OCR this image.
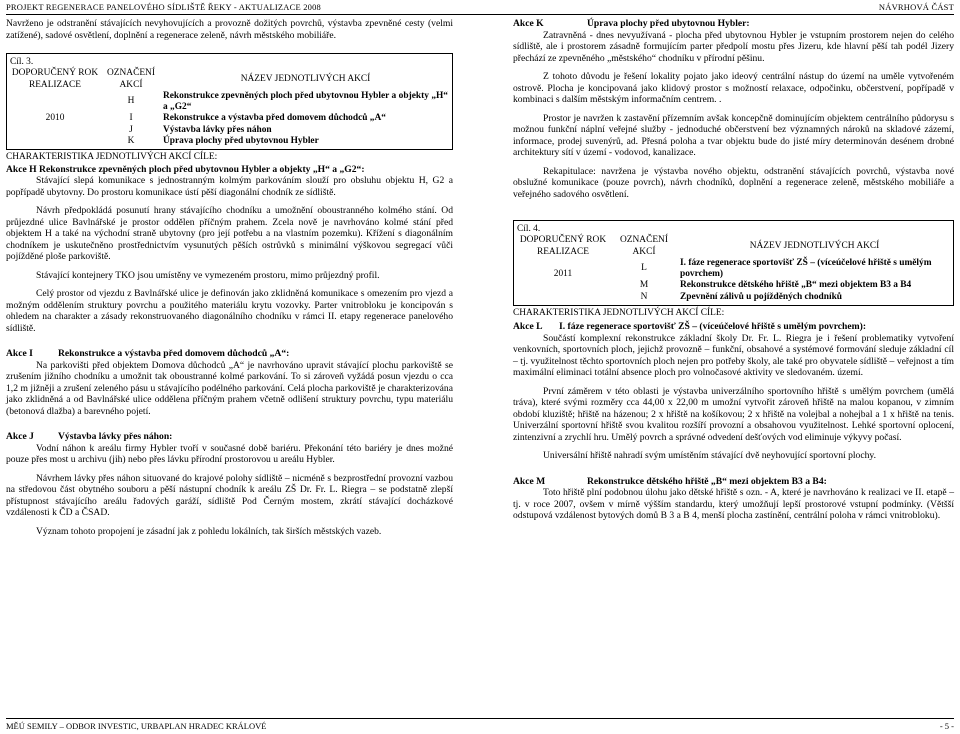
PROJEKT REGENERACE PANELOVÉHO SÍDLIŠTĚ ŘEKY - AKTUALIZACE 2008	NÁVRHOVÁ ČÁST

Navrženo je odstranění stávajících nevyhovujících a provozně dožitých povrchů, výstavba zpevněné cesty (velmi zatížené), sadové osvětlení, doplnění a regenerace zeleně, návrh městského mobiliáře.

Cíl. 3.
DOPORUČENÝ ROK REALIZACE	OZNAČENÍ AKCÍ	NÁZEV JEDNOTLIVÝCH AKCÍ
	H	Rekonstrukce zpevněných ploch před ubytovnou Hybler a objekty „H“ a „G2“
2010	I	Rekonstrukce a výstavba před domovem důchodců „A“
	J	Výstavba lávky přes náhon
	K	Úprava plochy před ubytovnou Hybler
CHARAKTERISTIKA JEDNOTLIVÝCH AKCÍ CÍLE:
Akce H Rekonstrukce zpevněných ploch před ubytovnou Hybler a objekty „H“ a „G2“:

Stávající slepá komunikace s jednostranným kolmým parkováním slouží pro obsluhu objektu H, G2 a popřípadě ubytovny. Do prostoru komunikace ústí pěší diagonální chodník ze sídliště.

Návrh předpokládá posunutí hrany stávajícího chodníku a umožnění oboustranného kolmého stání. Od průjezdné ulice Bavlnářské je prostor oddělen příčným prahem. Zcela nově je navrhováno kolmé stání před objektem H a také na východní straně ubytovny (pro její potřebu a na vlastním pozemku). Křížení s diagonálním chodníkem je uskutečněno prostřednictvím vysunutých pěších ostrůvků s minimální výškovou segregací vůči pojížděné ploše parkoviště.

Stávající kontejnery TKO jsou umístěny ve vymezeném prostoru, mimo průjezdný profil.

Celý prostor od vjezdu z Bavlnářské ulice je definován jako zklidněná komunikace s omezením pro vjezd a možným oddělením struktury povrchu a použitého materiálu krytu vozovky. Parter vnitrobloku je koncipován s ohledem na charakter a zásady rekonstruovaného diagonálního chodníku v rámci II. etapy regenerace panelového sídliště.

Akce I	Rekonstrukce a výstavba před domovem důchodců „A“:

Na parkovišti před objektem Domova důchodců „A“ je navrhováno upravit stávající plochu parkoviště se zrušením jižního chodníku a umožnit tak oboustranné kolmé parkování. To si zároveň vyžádá posun vjezdu o cca 1,2 m jižněji a zrušení zeleného pásu u stávajícího podélného parkování. Celá plocha parkoviště je charakterizována jako zklidněná a od Bavlnářské ulice oddělena příčným prahem včetně odlišení struktury povrchu, typu materiálu (betonová dlažba) a barevného pojetí.

Akce J	Výstavba lávky přes náhon:

Vodní náhon k areálu firmy Hybler tvoří v současné době bariéru. Překonání této bariéry je dnes možné pouze přes most u archivu (jih) nebo přes lávku přírodní prostorovou u areálu Hybler.

Návrhem lávky přes náhon situované do krajové polohy sídliště – nicméně s bezprostřední provozní vazbou na středovou část obytného souboru a pěší nástupní chodník k areálu ZŠ Dr. Fr. L. Riegra – se podstatně zlepší přístupnost stávajícího areálu řadových garáží, sídliště Pod Černým mostem, zkrátí stávající docházkové vzdálenosti k ČD a ČSAD.

Význam tohoto propojení je zásadní jak z pohledu lokálních, tak širších městských vazeb.

Akce K	Úprava plochy před ubytovnou Hybler:

Zatravněná - dnes nevyužívaná - plocha před ubytovnou Hybler je vstupním prostorem nejen do celého sídliště, ale i prostorem zásadně formujícím parter předpolí mostu přes Jizeru, kde hlavní pěší tah podél Jizery přechází ze zpevněného „městského“ chodníku v přírodní pěšinu.

Z tohoto důvodu je řešení lokality pojato jako ideový centrální nástup do území na uměle vytvořeném ostrově. Plocha je koncipovaná jako klidový prostor s možností relaxace, odpočinku, občerstvení, popřípadě v kombinaci s dalším městským informačním centrem. .

Prostor je navržen k zastavění přízemním avšak koncepčně dominujícím objektem centrálního půdorysu s možnou funkční náplní veřejné služby - jednoduché občerstvení bez významných nároků na skladové zázemí, informace, prodej suvenýrů, ad. Přesná poloha a tvar objektu bude do jisté míry determinován desénem drobné architektury sítí v území - vodovod, kanalizace.

Rekapitulace: navržena je výstavba nového objektu, odstranění stávajících povrchů, výstavba nové obslužné komunikace (pouze povrch), návrh chodníků, doplnění a regenerace zeleně, městského mobiliáře a veřejného sadového osvětlení.

Cíl. 4.
DOPORUČENÝ ROK REALIZACE	OZNAČENÍ AKCÍ	NÁZEV JEDNOTLIVÝCH AKCÍ
2011	L	I. fáze regenerace sportovišť ZŠ – (víceúčelové hřiště s umělým povrchem)
	M	Rekonstrukce dětského hřiště „B“ mezi objektem B3 a B4
	N	Zpevnění zálivů u pojížděných chodníků
CHARAKTERISTIKA JEDNOTLIVÝCH AKCÍ CÍLE:
Akce L I. fáze regenerace sportovišť ZŠ – (víceúčelové hřiště s umělým povrchem):

Součástí komplexní rekonstrukce základní školy Dr. Fr. L. Riegra je i řešení problematiky vytvoření venkovních, sportovních ploch, jejichž provozně – funkční, obsahové a systémové formování sleduje základní cíl – tj. využitelnost těchto sportovních ploch nejen pro potřeby školy, ale také pro obyvatele sídliště – veřejnost a tím maximální eliminaci totální absence ploch pro volnočasové aktivity ve sledovaném. území.

První záměrem v této oblasti je výstavba univerzálního sportovního hřiště s umělým povrchem (umělá tráva), které svými rozměry cca 44,00 x 22,00 m umožní vytvořit zároveň hřiště na malou kopanou, v zimním období kluziště; hřiště na házenou; 2 x hřiště na košíkovou; 2 x hřiště na volejbal a nohejbal a 1 x hřiště na tenis. Univerzální sportovní hřiště svou kvalitou rozšíří provozní a obsahovou využitelnost. Lehké sportovní oplocení, zintenzivní a zrychlí hru. Umělý povrch a správné odvedení dešťových vod eliminuje výkyvy počasí.

Universální hřiště nahradí svým umístěním stávající dvě neyhovující sportovní plochy.

Akce M	Rekonstrukce dětského hřiště „B“ mezi objektem B3 a B4:

Toto hřiště plní podobnou úlohu jako dětské hřiště s ozn. - A, které je navrhováno k realizaci ve II. etapě – tj. v roce 2007, ovšem v mírně výšším standardu, který umožňují lepší prostorové vstupní podmínky. (Většší odstupová vzdálenost bytových domů B 3 a B 4, menší plocha zastínění, centrální poloha v rámci vnitrobloku).

MĚÚ SEMILY – ODBOR INVESTIC, URBAPLAN HRADEC KRÁLOVÉ	- 5 -
